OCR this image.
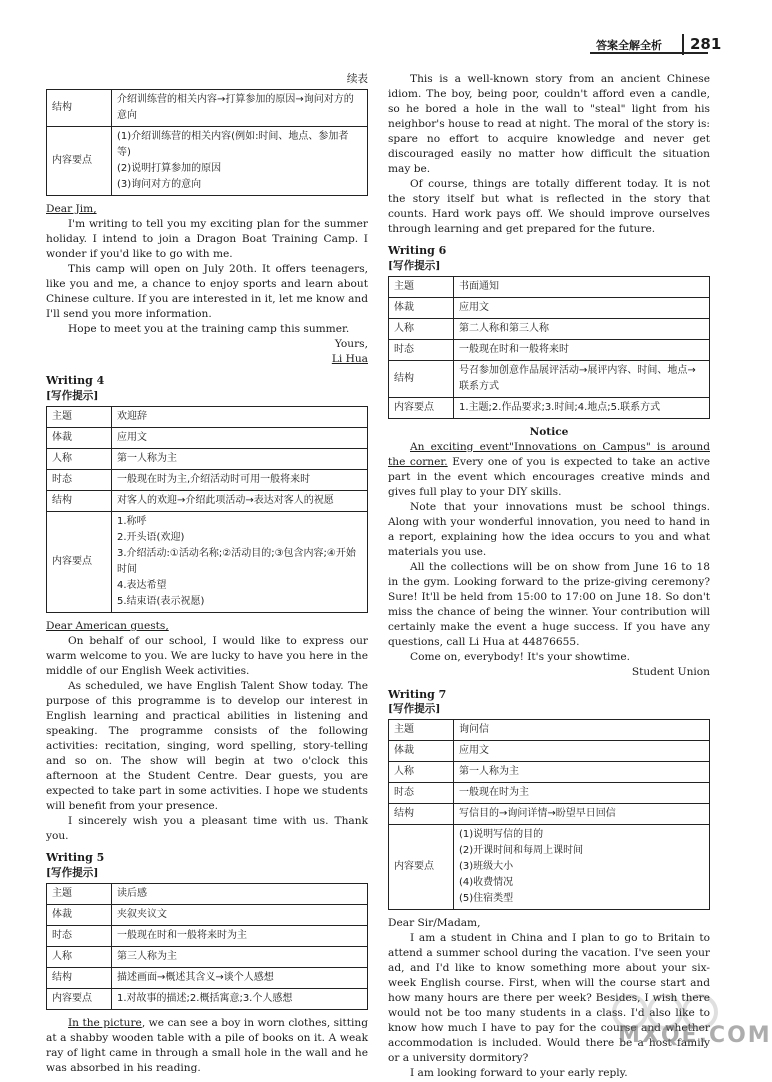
答案全解全析	281

续表

结构	介绍训练营的相关内容→打算参加的原因→询问对方的意向

内容要点	(1)介绍训练营的相关内容(例如:时间、地点、参加者等)
(2)说明打算参加的原因
(3)询问对方的意向

Dear Jim,

I'm writing to tell you my exciting plan for the summer holiday. I intend to join a Dragon Boat Training Camp. I wonder if you'd like to go with me.

This camp will open on July 20th. It offers teenagers, like you and me, a chance to enjoy sports and learn about Chinese culture. If you are interested in it, let me know and I'll send you more information.

Hope to meet you at the training camp this summer.

Yours,

Li Hua

Writing 4

[写作提示]

主题	欢迎辞

体裁	应用文

人称	第一人称为主

时态	一般现在时为主,介绍活动时可用一般将来时

结构	对客人的欢迎→介绍此项活动→表达对客人的祝愿

内容要点	1.称呼
2.开头语(欢迎)
3.介绍活动:①活动名称;②活动目的;③包含内容;④开始时间
4.表达希望
5.结束语(表示祝愿)

Dear American guests,

On behalf of our school, I would like to express our warm welcome to you. We are lucky to have you here in the middle of our English Week activities.

As scheduled, we have English Talent Show today. The purpose of this programme is to develop our interest in English learning and practical abilities in listening and speaking. The programme consists of the following activities: recitation, singing, word spelling, story-telling and so on. The show will begin at two o'clock this afternoon at the Student Centre. Dear guests, you are expected to take part in some activities. I hope we students will benefit from your presence.

I sincerely wish you a pleasant time with us. Thank you.

Writing 5

[写作提示]

主题	读后感

体裁	夹叙夹议文

时态	一般现在时和一般将来时为主

人称	第三人称为主

结构	描述画面→概述其含义→谈个人感想

内容要点	1.对故事的描述;2.概括寓意;3.个人感想

In the picture, we can see a boy in worn clothes, sitting at a shabby wooden table with a pile of books on it. A weak ray of light came in through a small hole in the wall and he was absorbed in his reading.

This is a well-known story from an ancient Chinese idiom. The boy, being poor, couldn't afford even a candle, so he bored a hole in the wall to "steal" light from his neighbor's house to read at night. The moral of the story is: spare no effort to acquire knowledge and never get discouraged easily no matter how difficult the situation may be.

Of course, things are totally different today. It is not the story itself but what is reflected in the story that counts. Hard work pays off. We should improve ourselves through learning and get prepared for the future.

Writing 6

[写作提示]

主题	书面通知

体裁	应用文

人称	第二人称和第三人称

时态	一般现在时和一般将来时

结构	号召参加创意作品展评活动→展评内容、时间、地点→联系方式

内容要点	1.主题;2.作品要求;3.时间;4.地点;5.联系方式

Notice

An exciting event"Innovations on Campus" is around the corner. Every one of you is expected to take an active part in the event which encourages creative minds and gives full play to your DIY skills.

Note that your innovations must be school things. Along with your wonderful innovation, you need to hand in a report, explaining how the idea occurs to you and what materials you use.

All the collections will be on show from June 16 to 18 in the gym. Looking forward to the prize-giving ceremony? Sure! It'll be held from 15:00 to 17:00 on June 18. So don't miss the chance of being the winner. Your contribution will certainly make the event a huge success. If you have any questions, call Li Hua at 44876655.

Come on, everybody! It's your showtime.

Student Union

Writing 7

[写作提示]

主题	询问信

体裁	应用文

人称	第一人称为主

时态	一般现在时为主

结构	写信目的→询问详情→盼望早日回信

内容要点	(1)说明写信的目的
(2)开课时间和每周上课时间
(3)班级大小
(4)收费情况
(5)住宿类型

Dear Sir/Madam,

I am a student in China and I plan to go to Britain to attend a summer school during the vacation. I've seen your ad, and I'd like to know something more about your six-week English course. First, when will the course start and how many hours are there per week? Besides, I wish there would not be too many students in a class. I'd also like to know how much I have to pay for the course and whether accommodation is included. Would there be a host family or a university dormitory?

I am looking forward to your early reply.

MXQE.COM
